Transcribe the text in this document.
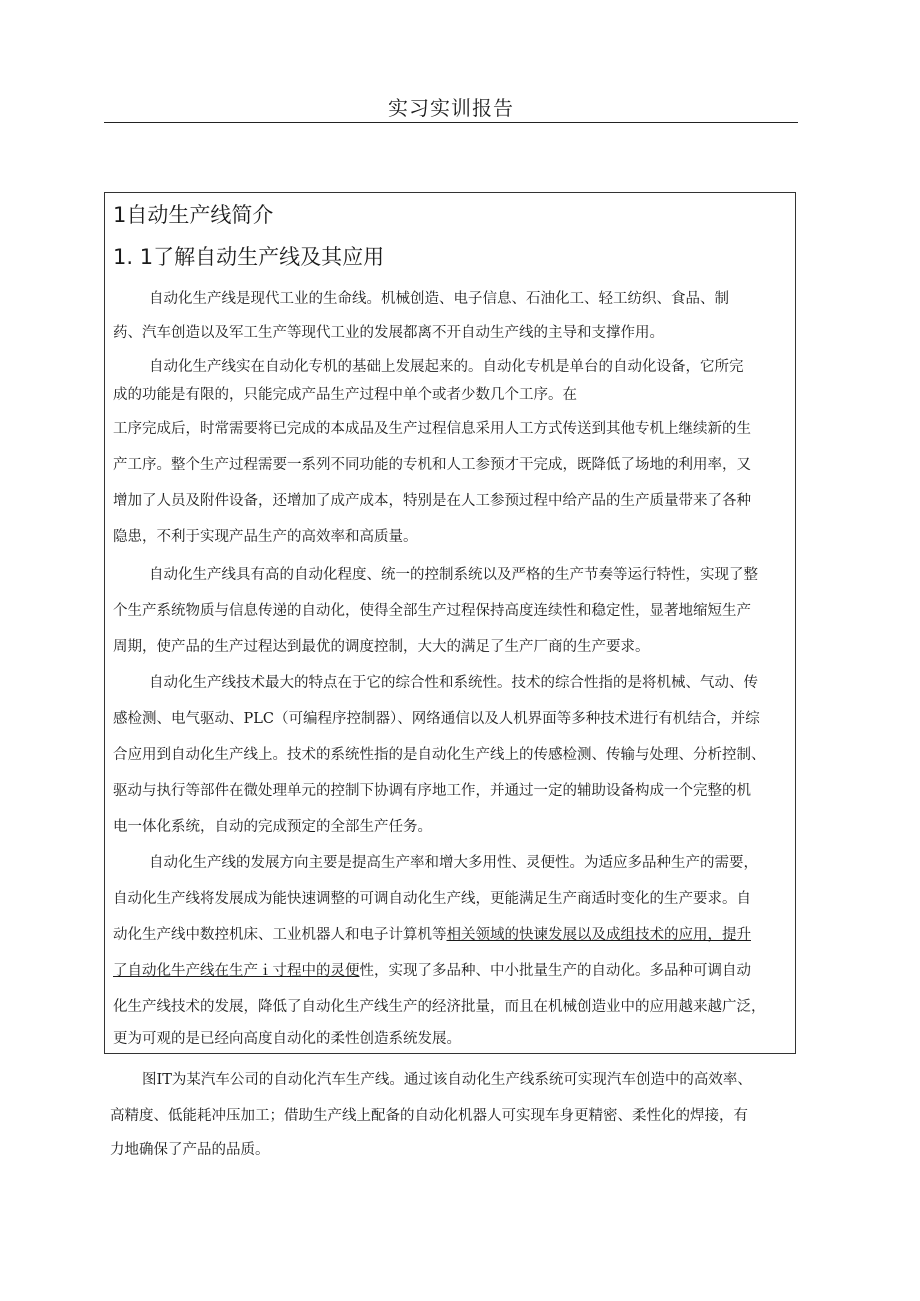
实习实训报告
1自动生产线简介
1. 1了解自动生产线及其应用
自动化生产线是现代工业的生命线。机械创造、电子信息、石油化工、轻工纺织、食品、制
药、汽车创造以及军工生产等现代工业的发展都离不开自动生产线的主导和支撑作用。
自动化生产线实在自动化专机的基础上发展起来的。自动化专机是单台的自动化设备，它所完
成的功能是有限的，只能完成产品生产过程中单个或者少数几个工序。在
工序完成后，时常需要将已完成的本成品及生产过程信息采用人工方式传送到其他专机上继续新的生
产工序。整个生产过程需要一系列不同功能的专机和人工参预才干完成，既降低了场地的利用率，又
增加了人员及附件设备，还增加了成产成本，特别是在人工参预过程中给产品的生产质量带来了各种
隐患，不利于实现产品生产的高效率和高质量。
自动化生产线具有高的自动化程度、统一的控制系统以及严格的生产节奏等运行特性，实现了整
个生产系统物质与信息传递的自动化，使得全部生产过程保持高度连续性和稳定性，显著地缩短生产
周期，使产品的生产过程达到最优的调度控制，大大的满足了生产厂商的生产要求。
自动化生产线技术最大的特点在于它的综合性和系统性。技术的综合性指的是将机械、气动、传
感检测、电气驱动、PLC（可编程序控制器）、网络通信以及人机界面等多种技术进行有机结合，并综
合应用到自动化生产线上。技术的系统性指的是自动化生产线上的传感检测、传输与处理、分析控制、
驱动与执行等部件在微处理单元的控制下协调有序地工作，并通过一定的辅助设备构成一个完整的机
电一体化系统，自动的完成预定的全部生产任务。
自动化生产线的发展方向主要是提高生产率和增大多用性、灵便性。为适应多品种生产的需要，
自动化生产线将发展成为能快速调整的可调自动化生产线，更能满足生产商适时变化的生产要求。自
动化生产线中数控机床、工业机器人和电子计算机等相关领域的快谏发展以及成组技术的应用，提升
了自动化牛产线在生产ｉ寸程中的灵便性，实现了多品种、中小批量生产的自动化。多品种可调自动
化生产线技术的发展，降低了自动化生产线生产的经济批量，而且在机械创造业中的应用越来越广泛，
更为可观的是已经向高度自动化的柔性创造系统发展。
图IT为某汽车公司的自动化汽车生产线。通过该自动化生产线系统可实现汽车创造中的高效率、
高精度、低能耗冲压加工；借助生产线上配备的自动化机器人可实现车身更精密、柔性化的焊接，有
力地确保了产品的品质。
